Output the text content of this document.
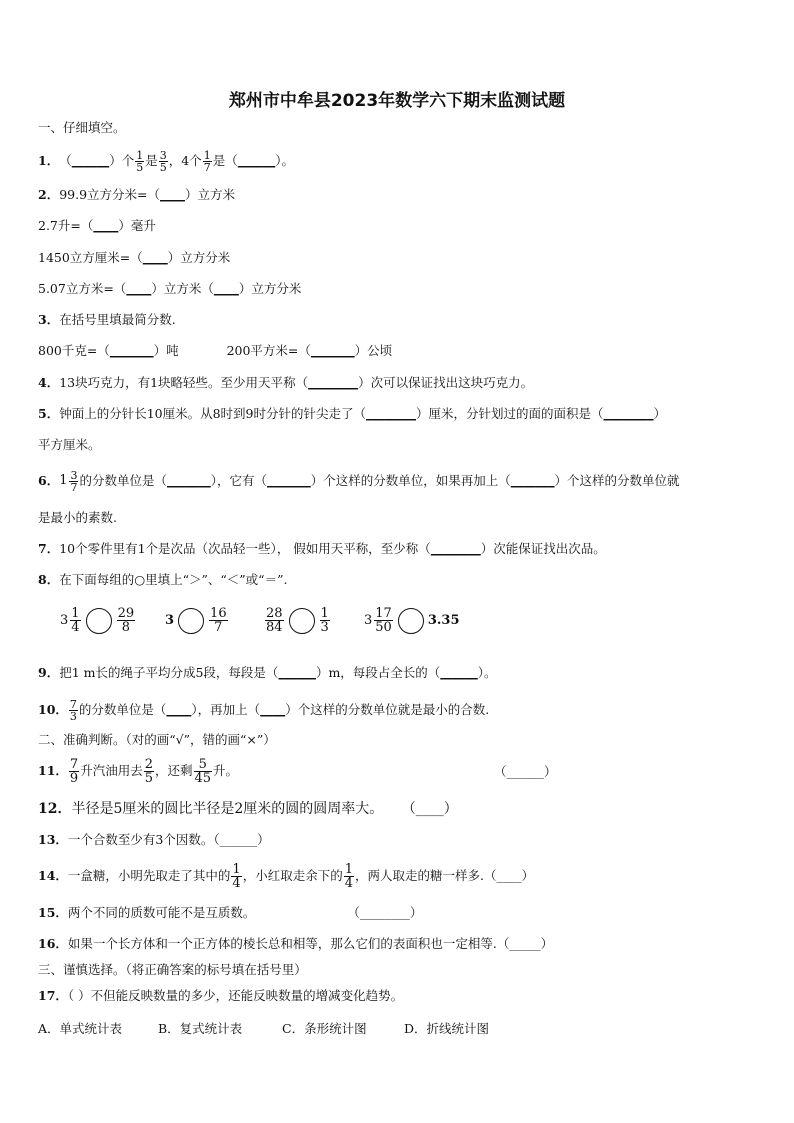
郑州市中牟县2023年数学六下期末监测试题
一、仔细填空。
1． （ ______ ）个 $\frac{1}{5}$ 是 $\frac{3}{5}$ ，4个 $\frac{1}{7}$ 是（ ______ ）。
2．99.9立方分米=（____）立方米
2.7升=（____）毫升
1450立方厘米=（____）立方分米
5.07立方米=（____）立方米（____）立方分米
3．在括号里填最简分数.
800千克=（_______）吨	200平方米=（_______）公顷
4．13块巧克力，有1块略轻些。至少用天平称（________）次可以保证找出这块巧克力。
5．钟面上的分针长10厘米。从8时到9时分针的针尖走了（________）厘米，分针划过的面的面积是（________）
平方厘米。
6． $1 \frac{3}{7}$ 的分数单位是（ _______ ），它有（ _______ ）个这样的分数单位，如果再加上（ _______ ）个这样的分数单位就
是最小的素数.
7．10个零件里有1个是次品（次品轻一些）， 假如用天平称，至少称（________）次能保证找出次品。
8．在下面每组的○里填上“＞”、“＜”或“＝”.
$3 \frac{1}{4}$	$\frac{29}{8} 3$	$\frac{16}{7}$	$\frac{28}{84}$	$\frac{1}{3}$	$3 \frac{17}{50}$	3.35
9．把1 m长的绳子平均分成5段，每段是（______）m，每段占全长的（______）。
10． $\frac{7}{3}$ 的分数单位是（ ____ ），再加上（ ____ ）个这样的分数单位就是最小的合数.
二、准确判断。（对的画“√”，错的画“×”）
11． $\frac{7}{9}$ 升汽油用去 $\frac{2}{5}$ ，还剩 $\frac{5}{45}$ 升。	（______）
12．半径是5厘米的圆比半径是2厘米的圆的圆周率大。 （____）
13．一个合数至少有3个因数。（______）
14． 一盒糖，小明先取走了其中的 $\frac{1}{4}$ ，小红取走余下的 $\frac{1}{4}$ ，两人取走的糖一样多. （____）
15．两个不同的质数可能不是互质数。	（________）
16．如果一个长方体和一个正方体的棱长总和相等，那么它们的表面积也一定相等.（_____）
三、谨慎选择。（将正确答案的标号填在括号里）
17．（ ）不但能反映数量的多少，还能反映数量的增减变化趋势。
A．单式统计表	B．复式统计表	C．条形统计图	D．折线统计图
